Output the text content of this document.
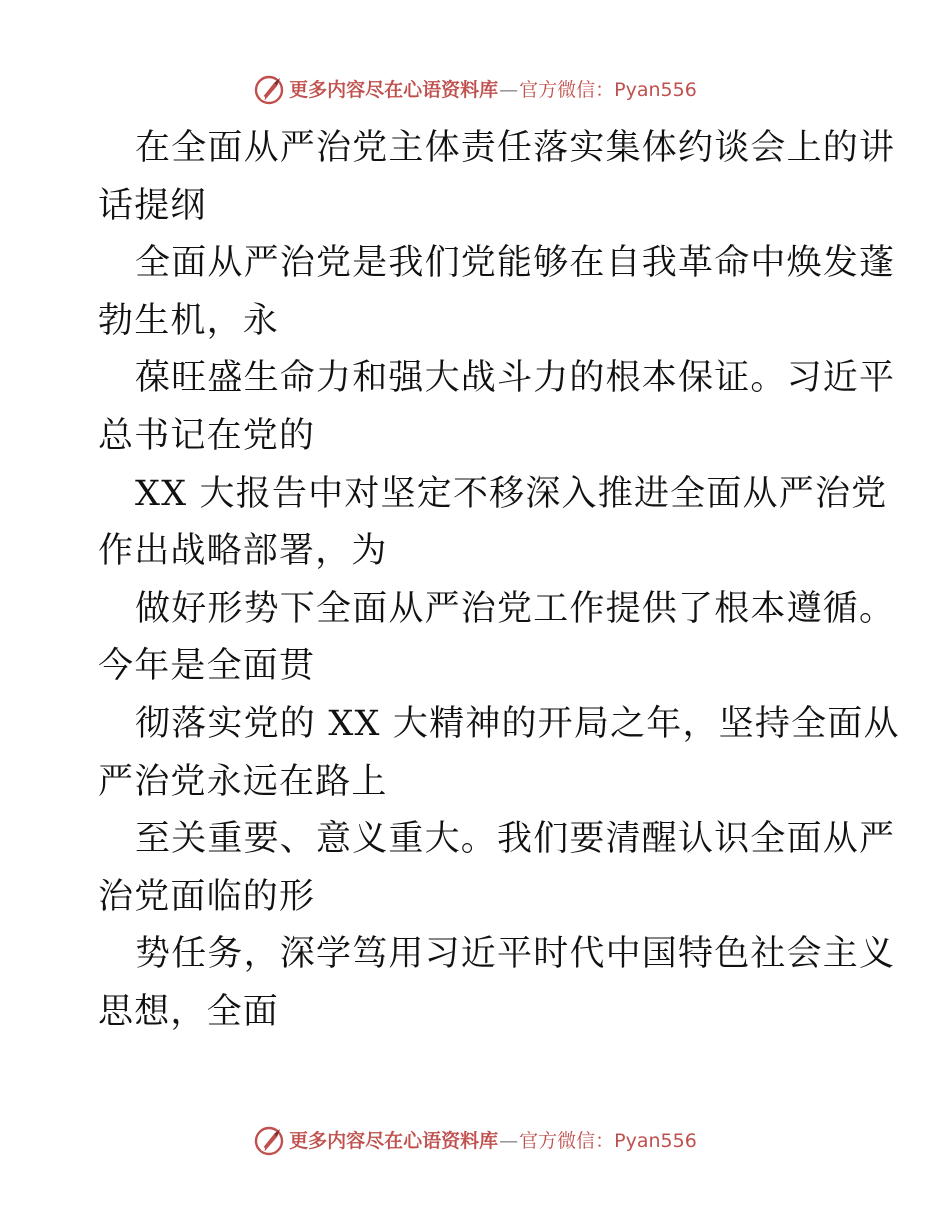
更多内容尽在心语资料库 — 官方微信：Pyan556
在全面从严治党主体责任落实集体约谈会上的讲
话提纲
全面从严治党是我们党能够在自我革命中焕发蓬
勃生机，永
葆旺盛生命力和强大战斗力的根本保证。习近平
总书记在党的
XX 大报告中对坚定不移深入推进全面从严治党
作出战略部署，为
做好形势下全面从严治党工作提供了根本遵循。
今年是全面贯
彻落实党的 XX 大精神的开局之年，坚持全面从
严治党永远在路上
至关重要、意义重大。我们要清醒认识全面从严
治党面临的形
势任务，深学笃用习近平时代中国特色社会主义
思想，全面
更多内容尽在心语资料库 — 官方微信：Pyan556
